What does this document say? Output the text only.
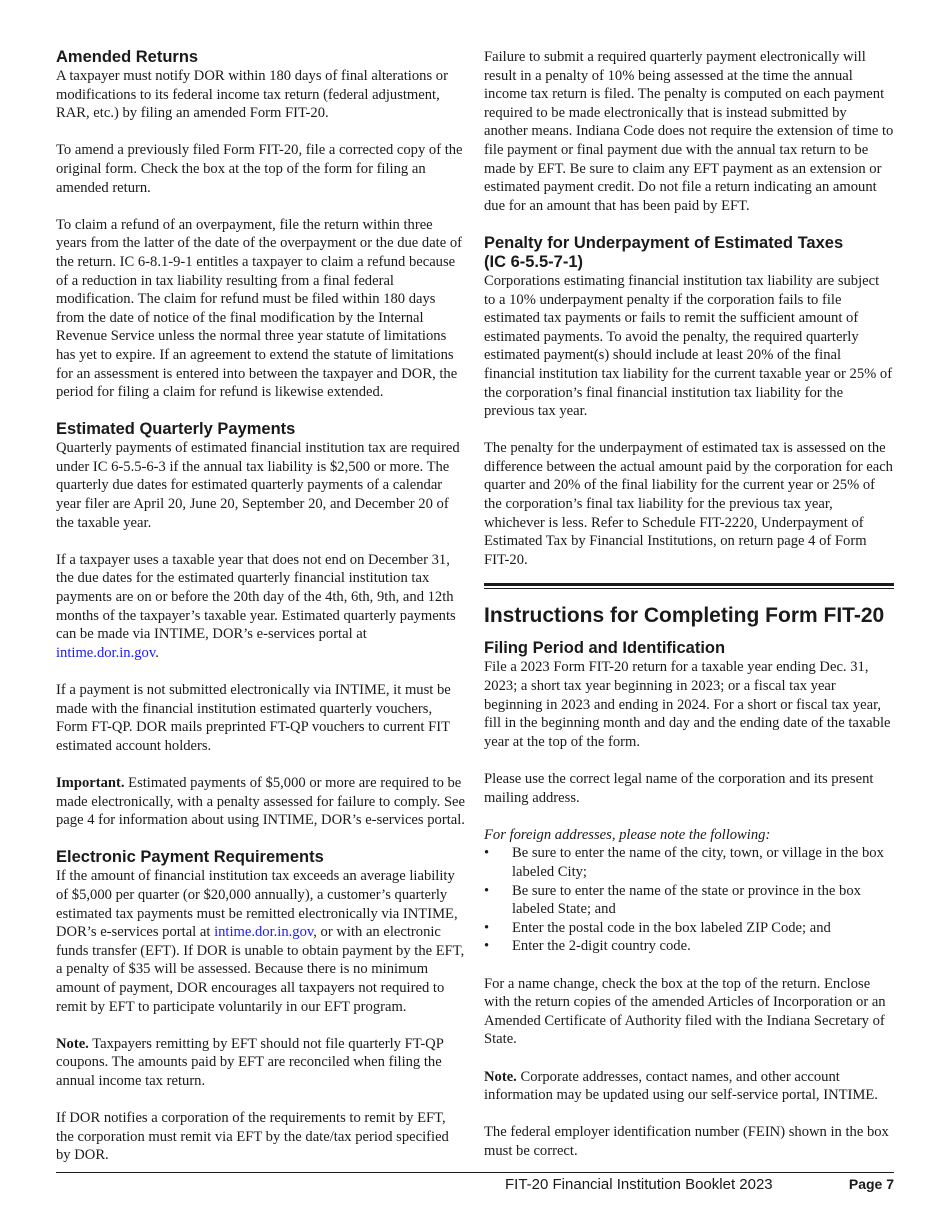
Amended Returns

A taxpayer must notify DOR within 180 days of final alterations or modifications to its federal income tax return (federal adjustment, RAR, etc.) by filing an amended Form FIT-20.

To amend a previously filed Form FIT-20, file a corrected copy of the original form. Check the box at the top of the form for filing an amended return.

To claim a refund of an overpayment, file the return within three years from the latter of the date of the overpayment or the due date of the return. IC 6-8.1-9-1 entitles a taxpayer to claim a refund because of a reduction in tax liability resulting from a final federal modification. The claim for refund must be filed within 180 days from the date of notice of the final modification by the Internal Revenue Service unless the normal three year statute of limitations has yet to expire. If an agreement to extend the statute of limitations for an assessment is entered into between the taxpayer and DOR, the period for filing a claim for refund is likewise extended.

Estimated Quarterly Payments

Quarterly payments of estimated financial institution tax are required under IC 6-5.5-6-3 if the annual tax liability is $2,500 or more. The quarterly due dates for estimated quarterly payments of a calendar year filer are April 20, June 20, September 20, and December 20 of the taxable year.

If a taxpayer uses a taxable year that does not end on December 31, the due dates for the estimated quarterly financial institution tax payments are on or before the 20th day of the 4th, 6th, 9th, and 12th months of the taxpayer’s taxable year. Estimated quarterly payments can be made via INTIME, DOR’s e-services portal at intime.dor.in.gov.

If a payment is not submitted electronically via INTIME, it must be made with the financial institution estimated quarterly vouchers, Form FT-QP. DOR mails preprinted FT-QP vouchers to current FIT estimated account holders.

Important. Estimated payments of $5,000 or more are required to be made electronically, with a penalty assessed for failure to comply. See page 4 for information about using INTIME, DOR’s e-services portal.

Electronic Payment Requirements

If the amount of financial institution tax exceeds an average liability of $5,000 per quarter (or $20,000 annually), a customer’s quarterly estimated tax payments must be remitted electronically via INTIME, DOR’s e-services portal at intime.dor.in.gov, or with an electronic funds transfer (EFT). If DOR is unable to obtain payment by the EFT, a penalty of $35 will be assessed. Because there is no minimum amount of payment, DOR encourages all taxpayers not required to remit by EFT to participate voluntarily in our EFT program.

Note. Taxpayers remitting by EFT should not file quarterly FT-QP coupons. The amounts paid by EFT are reconciled when filing the annual income tax return.

If DOR notifies a corporation of the requirements to remit by EFT, the corporation must remit via EFT by the date/tax period specified by DOR.

Failure to submit a required quarterly payment electronically will result in a penalty of 10% being assessed at the time the annual income tax return is filed. The penalty is computed on each payment required to be made electronically that is instead submitted by another means. Indiana Code does not require the extension of time to file payment or final payment due with the annual tax return to be made by EFT. Be sure to claim any EFT payment as an extension or estimated payment credit. Do not file a return indicating an amount due for an amount that has been paid by EFT.

Penalty for Underpayment of Estimated Taxes
(IC 6-5.5-7-1)

Corporations estimating financial institution tax liability are subject to a 10% underpayment penalty if the corporation fails to file estimated tax payments or fails to remit the sufficient amount of estimated payments. To avoid the penalty, the required quarterly estimated payment(s) should include at least 20% of the final financial institution tax liability for the current taxable year or 25% of the corporation’s final financial institution tax liability for the previous tax year.

The penalty for the underpayment of estimated tax is assessed on the difference between the actual amount paid by the corporation for each quarter and 20% of the final liability for the current year or 25% of the corporation’s final tax liability for the previous tax year, whichever is less. Refer to Schedule FIT-2220, Underpayment of Estimated Tax by Financial Institutions, on return page 4 of Form FIT-20.

Instructions for Completing Form FIT-20
Filing Period and Identification

File a 2023 Form FIT-20 return for a taxable year ending Dec. 31, 2023; a short tax year beginning in 2023; or a fiscal tax year beginning in 2023 and ending in 2024. For a short or fiscal tax year, fill in the beginning month and day and the ending date of the taxable year at the top of the form.

Please use the correct legal name of the corporation and its present mailing address.

For foreign addresses, please note the following:

• Be sure to enter the name of the city, town, or village in the box labeled City;
• Be sure to enter the name of the state or province in the box labeled State; and
• Enter the postal code in the box labeled ZIP Code; and
• Enter the 2-digit country code.

For a name change, check the box at the top of the return. Enclose with the return copies of the amended Articles of Incorporation or an Amended Certificate of Authority filed with the Indiana Secretary of State.

Note. Corporate addresses, contact names, and other account information may be updated using our self-service portal, INTIME.

The federal employer identification number (FEIN) shown in the box must be correct.

FIT-20 Financial Institution Booklet 2023	Page 7
